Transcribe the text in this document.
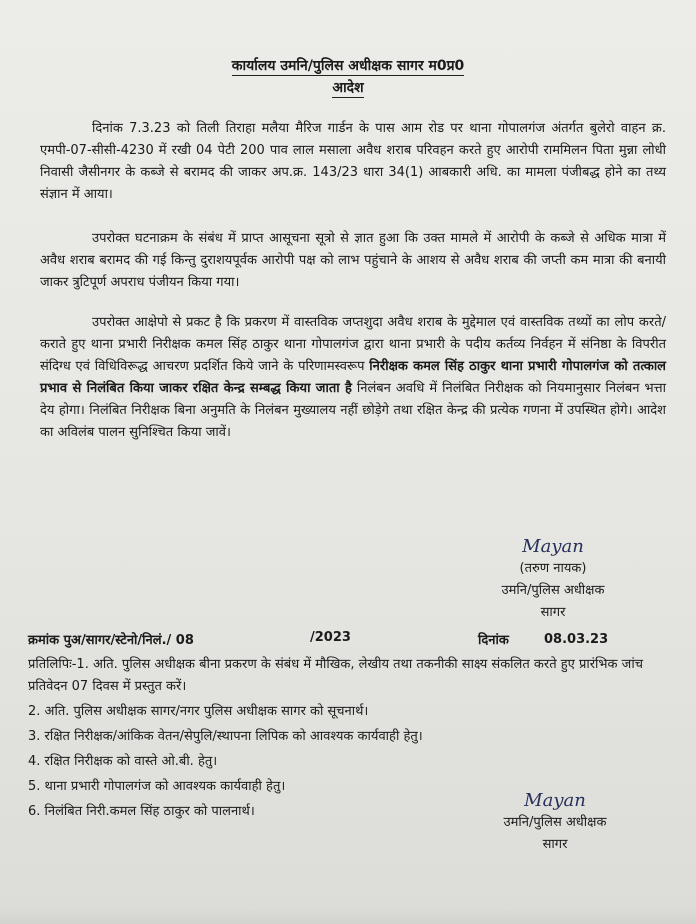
कार्यालय उमनि/पुलिस अधीक्षक सागर म0प्र0
आदेश
दिनांक 7.3.23 को तिली तिराहा मलैया मैरिज गार्डन के पास आम रोड पर थाना गोपालगंज अंतर्गत बुलेरो वाहन क्र. एमपी-07-सीसी-4230 में रखी 04 पेटी 200 पाव लाल मसाला अवैध शराब परिवहन करते हुए आरोपी राममिलन पिता मुन्ना लोधी निवासी जैसीनगर के कब्जे से बरामद की जाकर अप.क्र. 143/23 धारा 34(1) आबकारी अधि. का मामला पंजीबद्ध होने का तथ्य संज्ञान में आया।
उपरोक्त घटनाक्रम के संबंध में प्राप्त आसूचना सूत्रो से ज्ञात हुआ कि उक्त मामले में आरोपी के कब्जे से अधिक मात्रा में अवैध शराब बरामद की गई किन्तु दुराशयपूर्वक आरोपी पक्ष को लाभ पहुंचाने के आशय से अवैध शराब की जप्ती कम मात्रा की बनायी जाकर त्रुटिपूर्ण अपराध पंजीयन किया गया।
उपरोक्त आक्षेपो से प्रकट है कि प्रकरण में वास्तविक जप्तशुदा अवैध शराब के मुद्देमाल एवं वास्तविक तथ्यों का लोप करते/कराते हुए थाना प्रभारी निरीक्षक कमल सिंह ठाकुर थाना गोपालगंज द्वारा थाना प्रभारी के पदीय कर्तव्य निर्वहन में संनिष्ठा के विपरीत संदिग्ध एवं विधिविरूद्ध आचरण प्रदर्शित किये जाने के परिणामस्वरूप निरीक्षक कमल सिंह ठाकुर थाना प्रभारी गोपालगंज को तत्काल प्रभाव से निलंबित किया जाकर रक्षित केन्द्र सम्बद्ध किया जाता है निलंबन अवधि में निलंबित निरीक्षक को नियमानुसार निलंबन भत्ता देय होगा। निलंबित निरीक्षक बिना अनुमति के निलंबन मुख्यालय नहीं छोड़ेगे तथा रक्षित केन्द्र की प्रत्येक गणना में उपस्थित होगे। आदेश का अविलंब पालन सुनिश्चित किया जावें।
Mayan
(तरुण नायक)
उमनि/पुलिस अधीक्षक
सागर
क्रमांक पुअ/सागर/स्टेनो/निलं./ 08	/2023	दिनांक	08.03.23
प्रतिलिपिः-1. अति. पुलिस अधीक्षक बीना प्रकरण के संबंध में मौखिक, लेखीय तथा तकनीकी साक्ष्य संकलित करते हुए प्रारंभिक जांच प्रतिवेदन 07 दिवस में प्रस्तुत करें।
2. अति. पुलिस अधीक्षक सागर/नगर पुलिस अधीक्षक सागर को सूचनार्थ।
3. रक्षित निरीक्षक/आंकिक वेतन/सेपुलि/स्थापना लिपिक को आवश्यक कार्यवाही हेतु।
4. रक्षित निरीक्षक को वास्ते ओ.बी. हेतु।
5. थाना प्रभारी गोपालगंज को आवश्यक कार्यवाही हेतु।
6. निलंबित निरी.कमल सिंह ठाकुर को पालनार्थ।
Mayan
उमनि/पुलिस अधीक्षक
सागर
